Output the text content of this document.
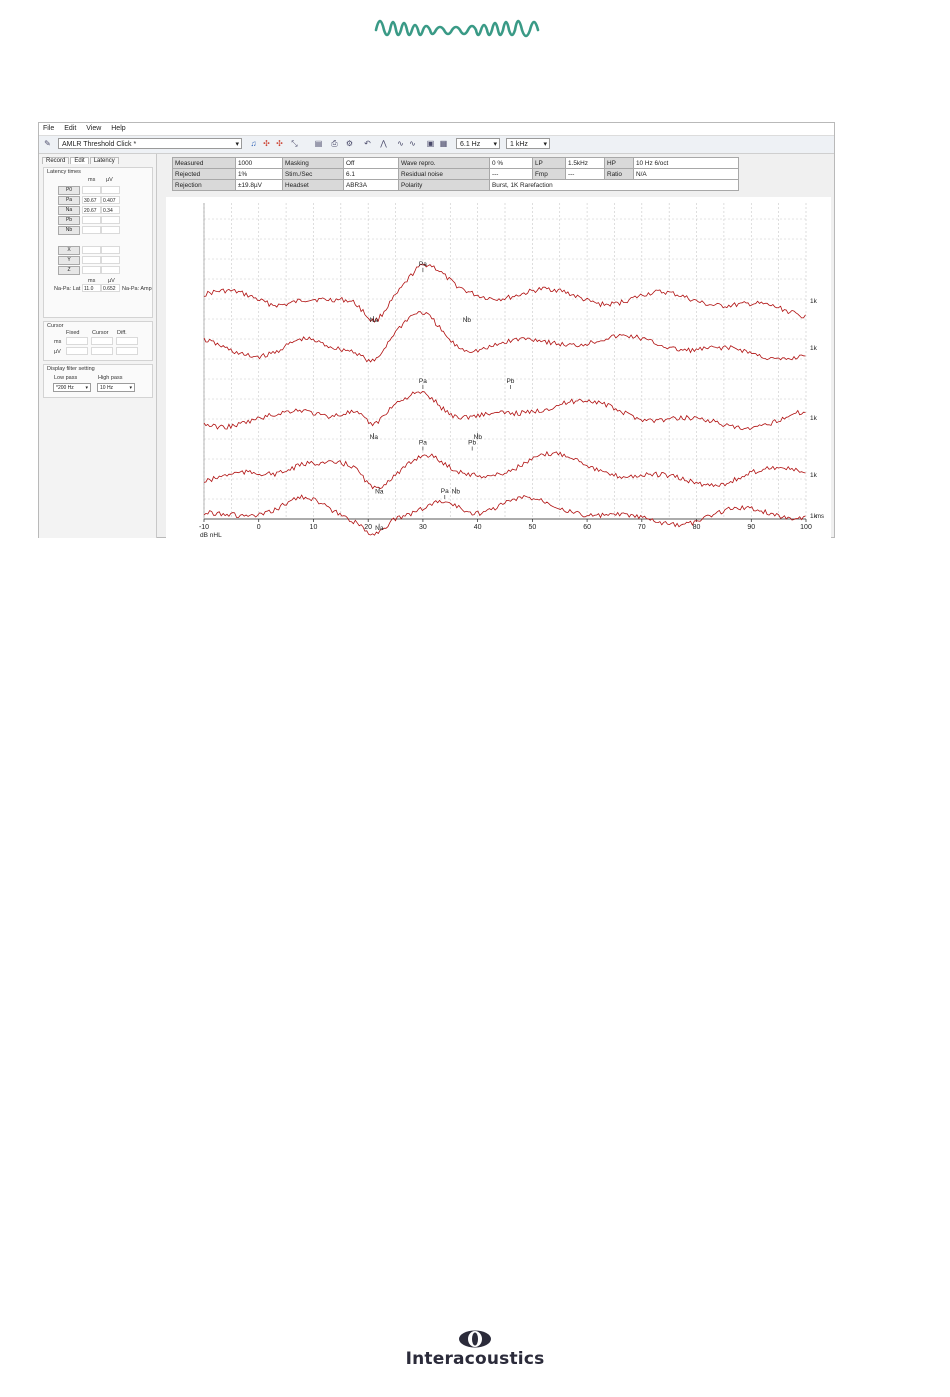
File Edit View Help
✎	AMLR Threshold Click *	▾ ♫ ✣ ✣ ⤡ ▤ ⎙ ⚙ ↶ ⋀ ∿ ∿ ▣ ▦	6.1 Hz ▾	1 kHz ▾
Record Edit Latency
Latency times
ms µV
P0
Pa	30.67	0.407
Na	20.67	0.34
Pb
Nb
X
Y
Z
ms µV
Na-Pa: Lat 11.0	0.652	Na-Pa: Amp
Cursor
Fixed Cursor Diff.
ms
µV
Display filter setting
Low pass	High pass
*200 Hz ▾	10 Hz	▾
Measured	1000	Masking	Off	Wave repro.	0 %	LP	1.5kHz	HP	10 Hz 6/oct
Rejected	1%	Stim./Sec	6.1	Residual noise	---	Fmp	---	Ratio	N/A
Rejection	±19.8µV	Headset	ABR3A	Polarity	Burst, 1K Rarefaction				
-10	0	10	20	30	40	50	60	70	80	90	100
dB nHL
ms
1k
1k
1k
1k
1k
Pa
Na	Nb
Pa
Na	Nb
Pb
Pa
Na	Nb
Pb
Pa
Na
Interacoustics
